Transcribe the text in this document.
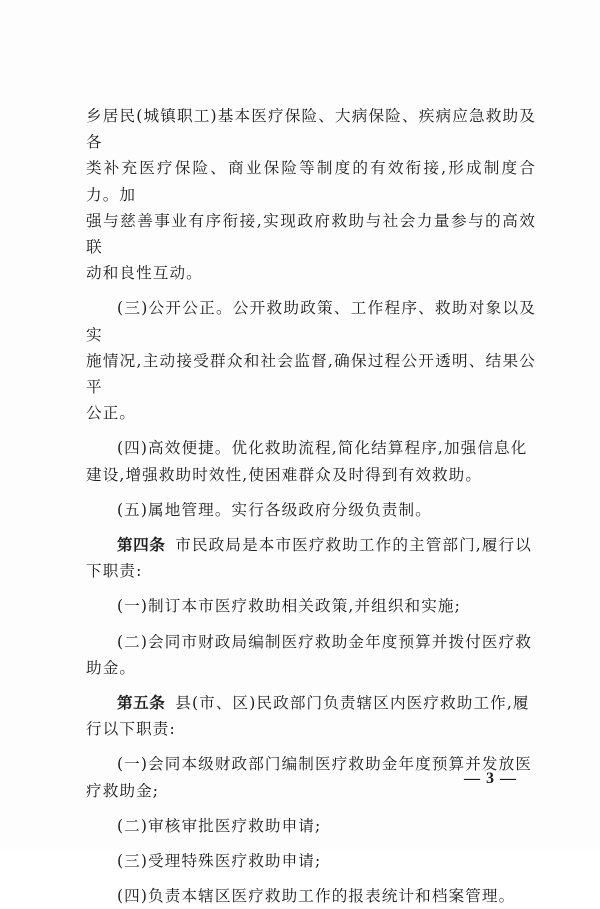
乡居民(城镇职工)基本医疗保险、大病保险、疾病应急救助及各
类补充医疗保险、商业保险等制度的有效衔接,形成制度合力。加
强与慈善事业有序衔接,实现政府救助与社会力量参与的高效联
动和良性互动。

(三)公开公正。公开救助政策、工作程序、救助对象以及实
施情况,主动接受群众和社会监督,确保过程公开透明、结果公平
公正。

(四)高效便捷。优化救助流程,简化结算程序,加强信息化
建设,增强救助时效性,使困难群众及时得到有效救助。

(五)属地管理。实行各级政府分级负责制。

第四条 市民政局是本市医疗救助工作的主管部门,履行以
下职责:

(一)制订本市医疗救助相关政策,并组织和实施;

(二)会同市财政局编制医疗救助金年度预算并拨付医疗救
助金。

第五条 县(市、区)民政部门负责辖区内医疗救助工作,履
行以下职责:

(一)会同本级财政部门编制医疗救助金年度预算并发放医
疗救助金;

(二)审核审批医疗救助申请;

(三)受理特殊医疗救助申请;

(四)负责本辖区医疗救助工作的报表统计和档案管理。

— 3 —
